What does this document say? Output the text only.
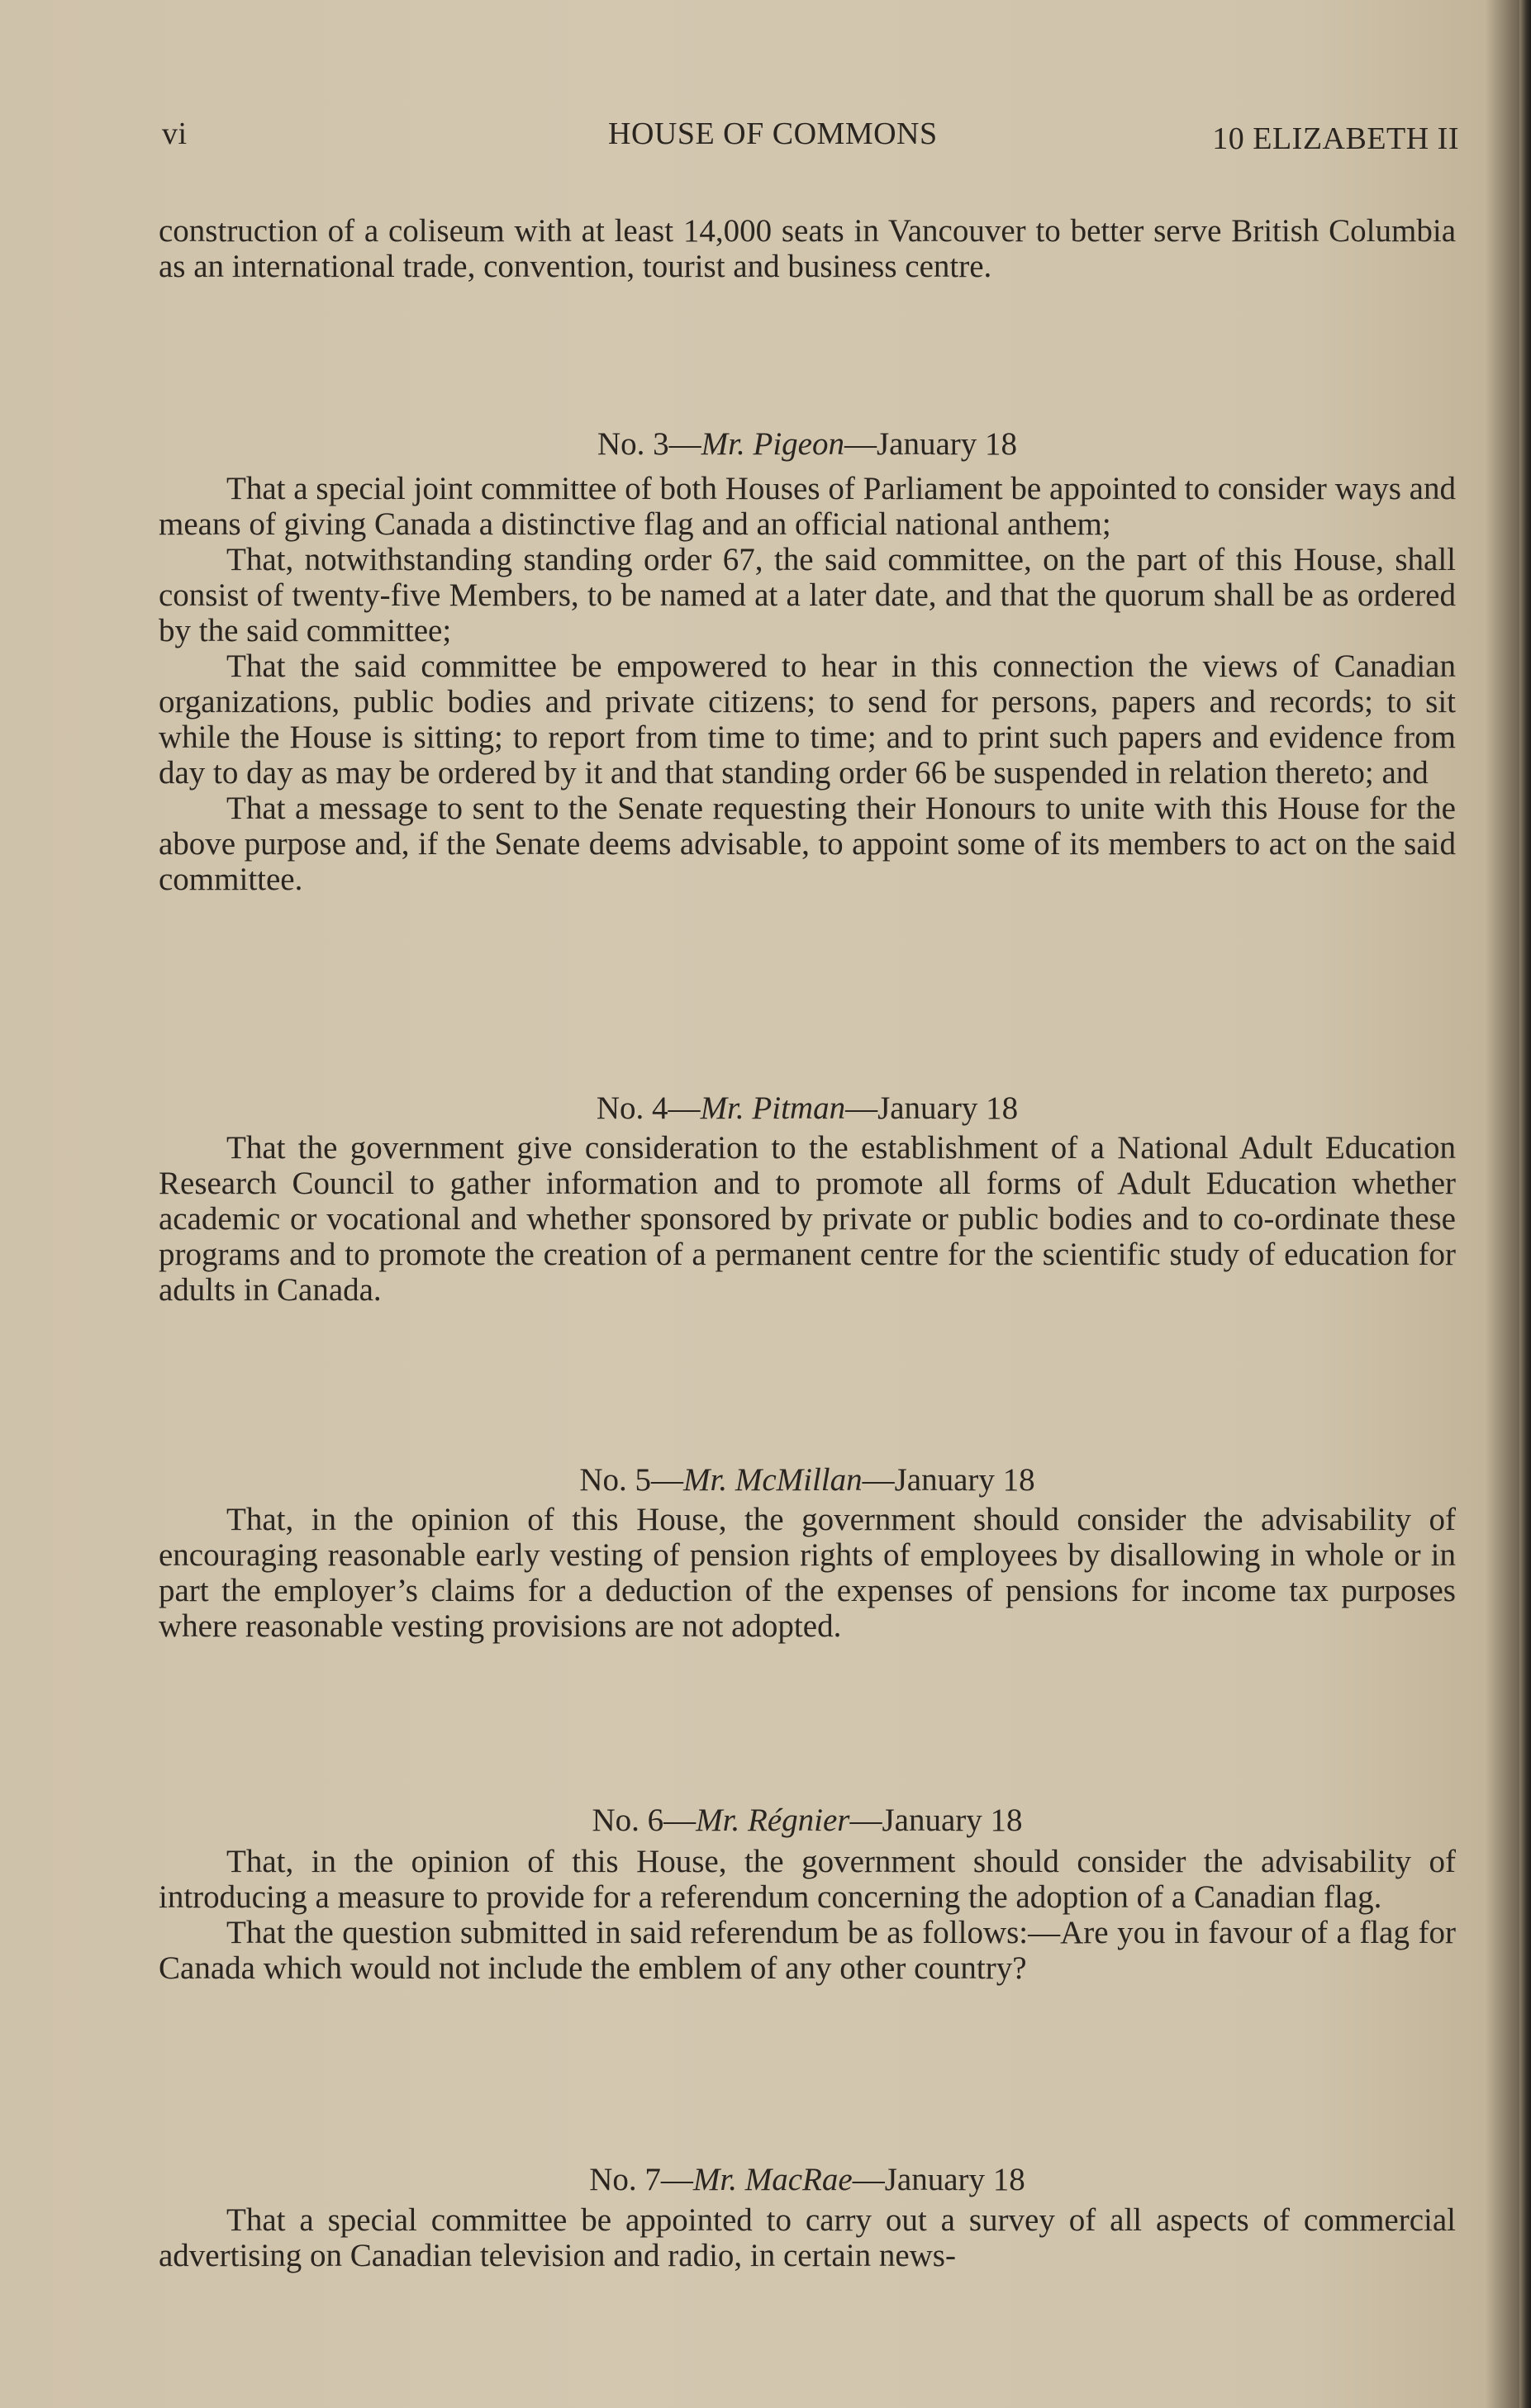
vi	HOUSE OF COMMONS	10 ELIZABETH II

construction of a coliseum with at least 14,000 seats in Vancouver to better serve British Columbia as an international trade, convention, tourist and business centre.

No. 3—Mr. Pigeon—January 18

That a special joint committee of both Houses of Parliament be appointed to consider ways and means of giving Canada a distinctive flag and an official national anthem;

That, notwithstanding standing order 67, the said committee, on the part of this House, shall consist of twenty-five Members, to be named at a later date, and that the quorum shall be as ordered by the said committee;

That the said committee be empowered to hear in this connection the views of Canadian organizations, public bodies and private citizens; to send for persons, papers and records; to sit while the House is sitting; to report from time to time; and to print such papers and evidence from day to day as may be ordered by it and that standing order 66 be suspended in relation thereto; and

That a message to sent to the Senate requesting their Honours to unite with this House for the above purpose and, if the Senate deems advisable, to appoint some of its members to act on the said committee.

No. 4—Mr. Pitman—January 18

That the government give consideration to the establishment of a National Adult Education Research Council to gather information and to promote all forms of Adult Education whether academic or vocational and whether sponsored by private or public bodies and to co-ordinate these programs and to promote the creation of a permanent centre for the scientific study of education for adults in Canada.

No. 5—Mr. McMillan—January 18

That, in the opinion of this House, the government should consider the advisability of encouraging reasonable early vesting of pension rights of employees by disallowing in whole or in part the employer’s claims for a deduction of the expenses of pensions for income tax purposes where reasonable vesting provisions are not adopted.

No. 6—Mr. Régnier—January 18

That, in the opinion of this House, the government should consider the advisability of introducing a measure to provide for a referendum concerning the adoption of a Canadian flag.

That the question submitted in said referendum be as follows:—Are you in favour of a flag for Canada which would not include the emblem of any other country?

No. 7—Mr. MacRae—January 18

That a special committee be appointed to carry out a survey of all aspects of commercial advertising on Canadian television and radio, in certain news-
